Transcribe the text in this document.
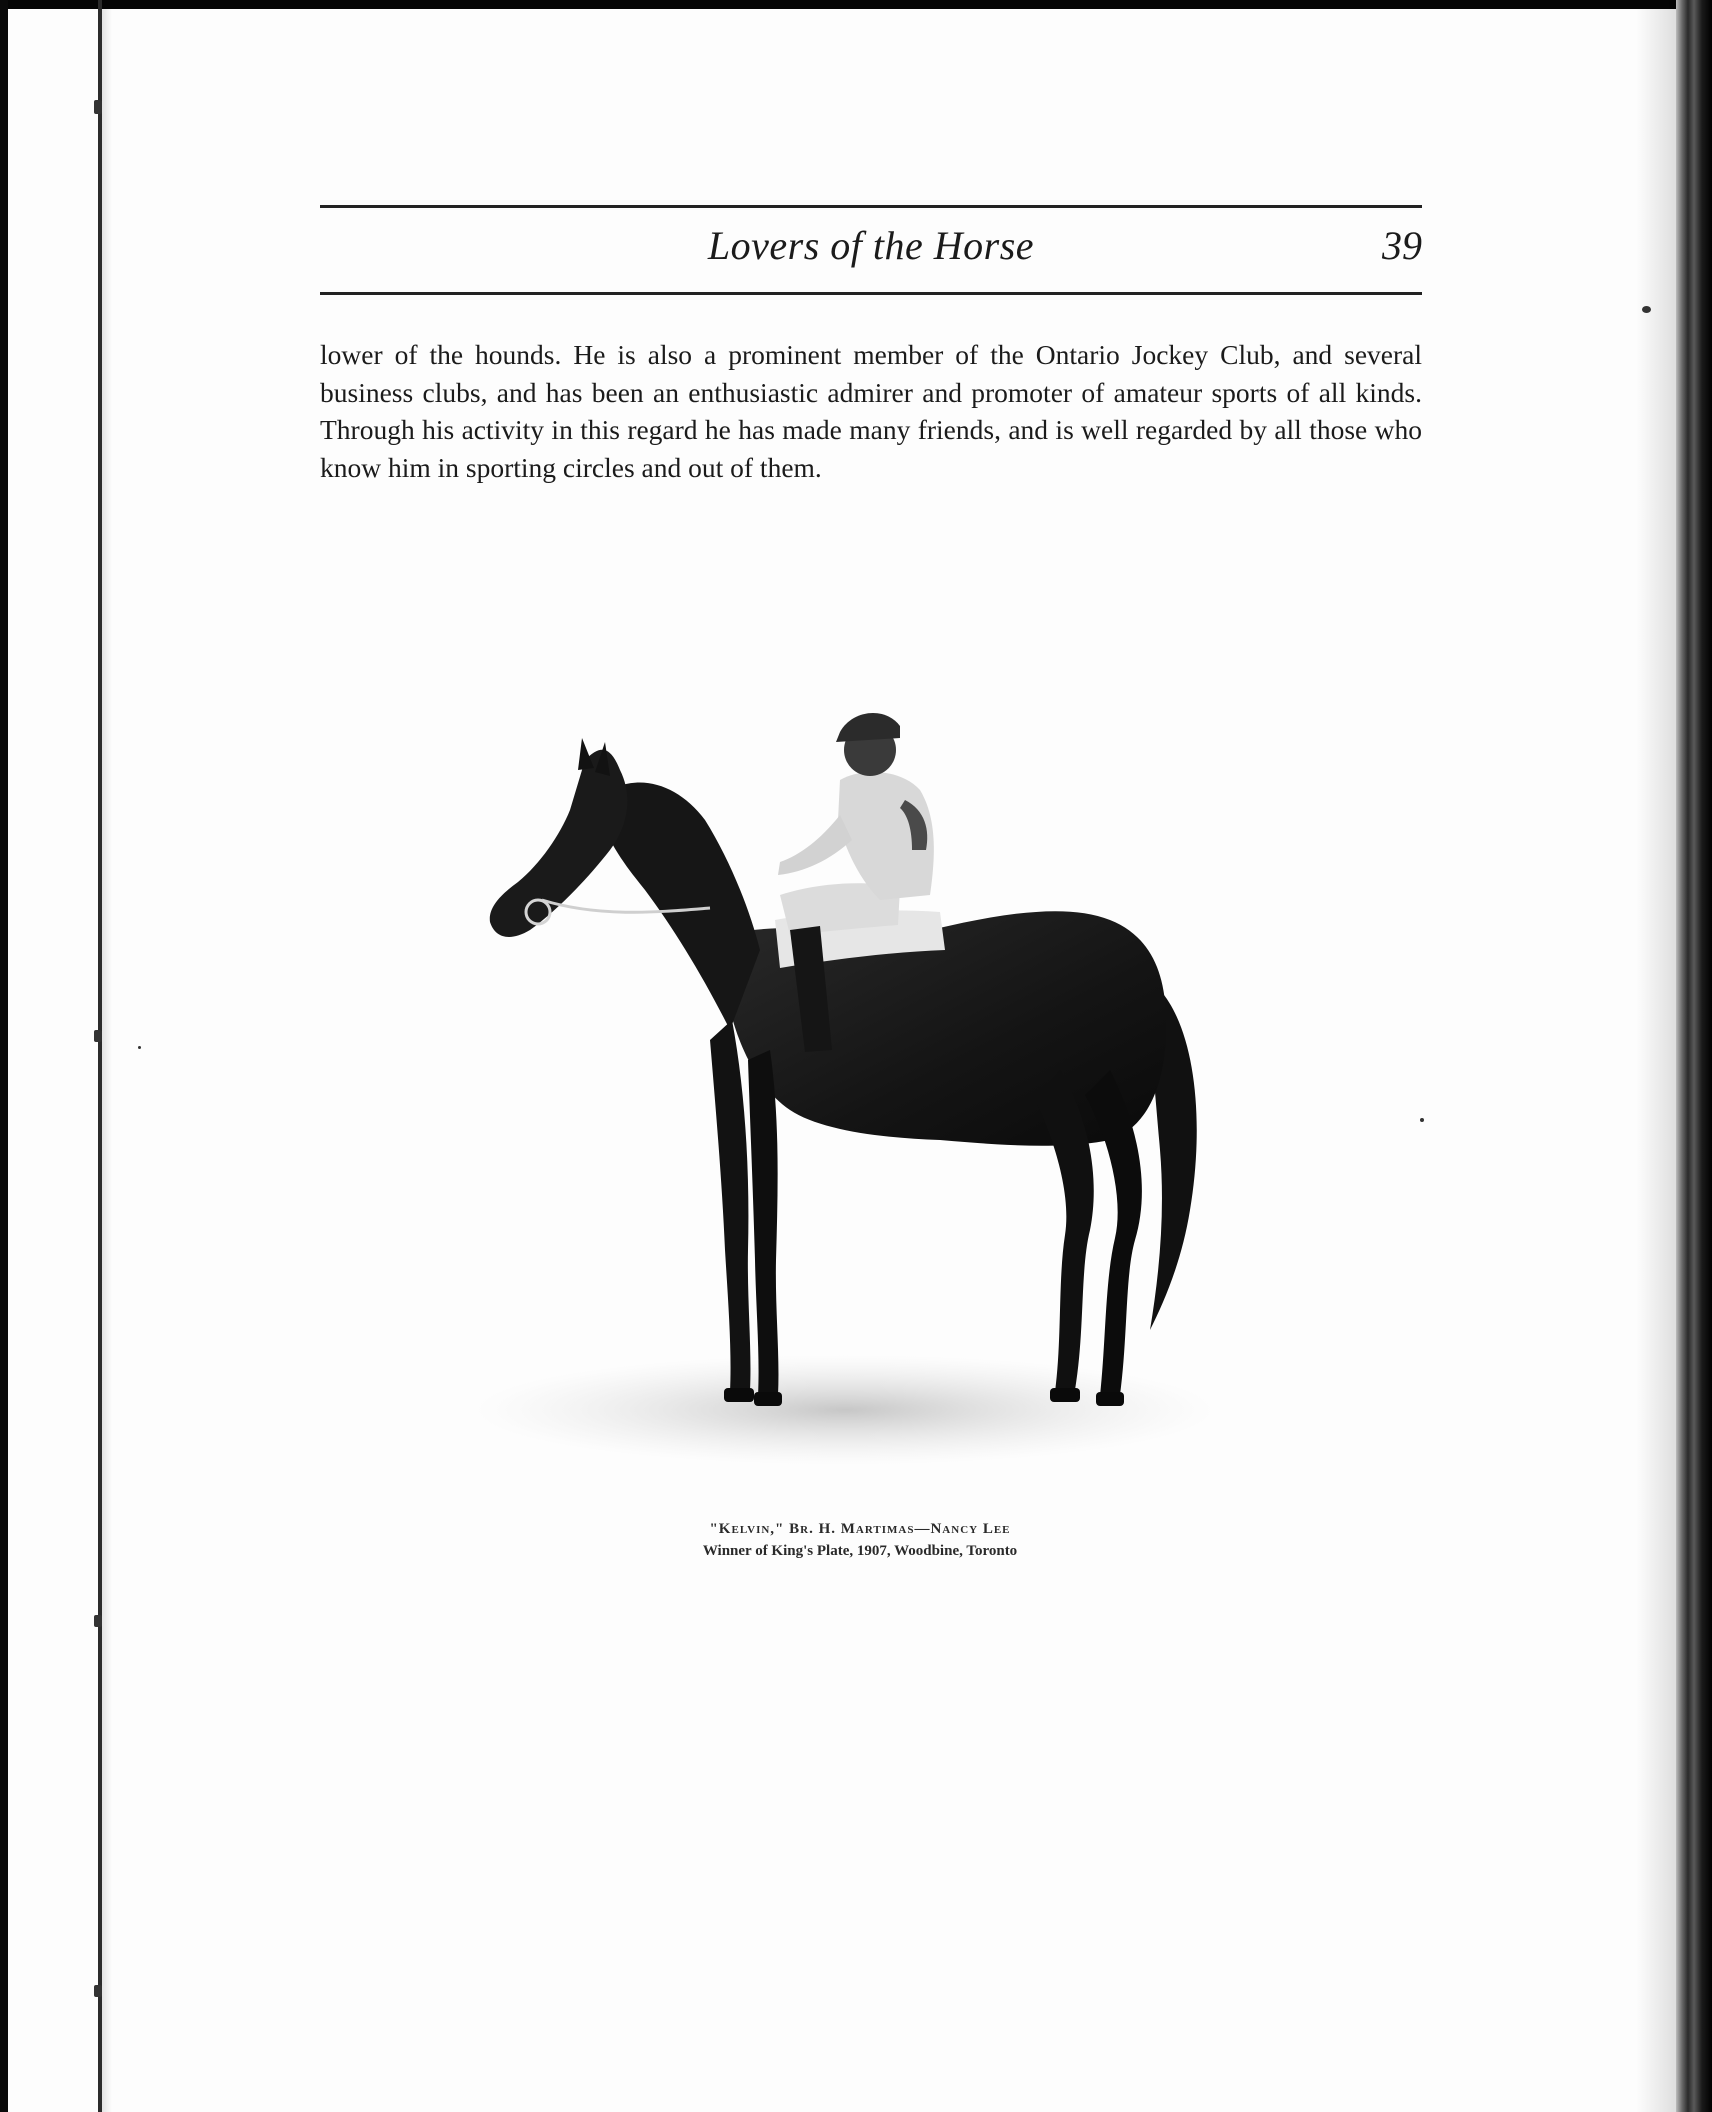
Lovers of the Horse	39
lower of the hounds. He is also a prominent member of the Ontario Jockey Club, and several business clubs, and has been an enthusiastic admirer and promoter of amateur sports of all kinds. Through his activity in this regard he has made many friends, and is well regarded by all those who know him in sporting circles and out of them.
"Kelvin," Br. H. Martimas—Nancy Lee
Winner of King's Plate, 1907, Woodbine, Toronto
